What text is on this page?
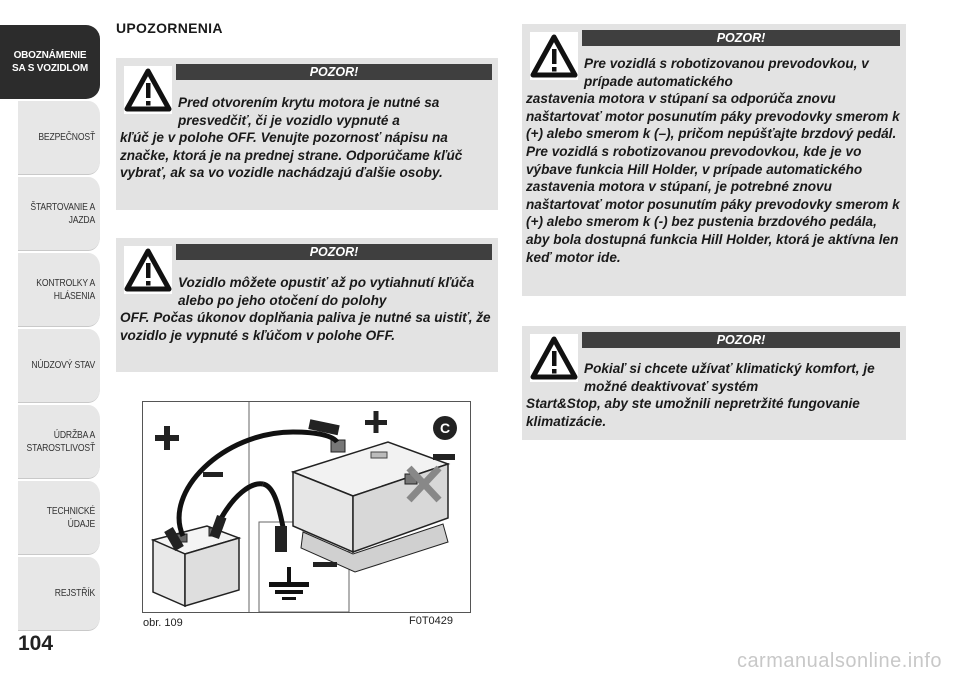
OBOZNÁMENIE
SA S VOZIDLOM
BEZPEČNOSŤ
ŠTARTOVANIE A
JAZDA
KONTROLKY A
HLÁSENIA
NÚDZOVÝ STAV
ÚDRŽBA A
STAROSTLIVOSŤ
TECHNICKÉ ÚDAJE
REJSTŘÍK
104
UPOZORNENIA
POZOR!
Pred otvorením krytu motora je nutné sa presvedčiť, či je vozidlo vypnuté a
kľúč je v polohe OFF. Venujte pozornosť nápisu na značke, ktorá je na prednej strane. Odporúčame kľúč vybrať, ak sa vo vozidle nachádzajú ďalšie osoby.
POZOR!
Vozidlo môžete opustiť až po vytiahnutí kľúča alebo po jeho otočení do polohy
OFF. Počas úkonov doplňania paliva je nutné sa uistiť, že vozidlo je vypnuté s kľúčom v polohe OFF.
POZOR!
Pre vozidlá s robotizovanou prevodovkou, v prípade automatického
zastavenia motora v stúpaní sa odporúča znovu naštartovať motor posunutím páky prevodovky smerom k (+) alebo smerom k (–), pričom nepúšťajte brzdový pedál. Pre vozidlá s robotizovanou prevodovkou, kde je vo výbave funkcia Hill Holder, v prípade automatického zastavenia motora v stúpaní, je potrebné znovu naštartovať motor posunutím páky prevodovky smerom k (+) alebo smerom k (-) bez pustenia brzdového pedála, aby bola dostupná funkcia Hill Holder, ktorá je aktívna len keď motor ide.
POZOR!
Pokiaľ si chcete užívať klimatický komfort, je možné deaktivovať systém
Start&Stop, aby ste umožnili nepretržité fungovanie klimatizácie.
C
obr. 109	F0T0429
carmanualsonline.info
